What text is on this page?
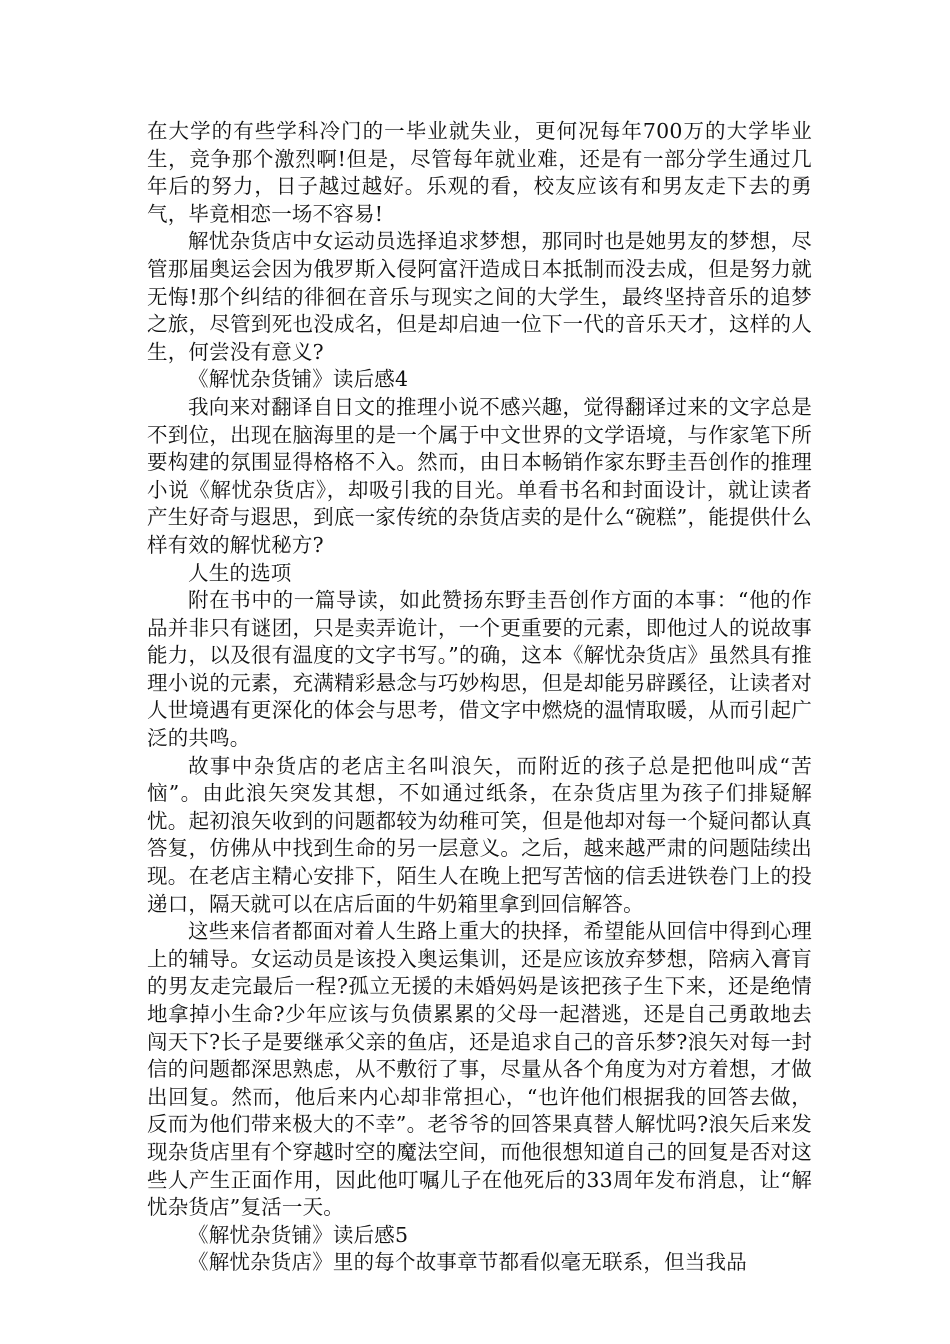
在大学的有些学科冷门的一毕业就失业，更何况每年700万的大学毕业生，竞争那个激烈啊!但是，尽管每年就业难，还是有一部分学生通过几年后的努力，日子越过越好。乐观的看，校友应该有和男友走下去的勇气，毕竟相恋一场不容易!

解忧杂货店中女运动员选择追求梦想，那同时也是她男友的梦想，尽管那届奥运会因为俄罗斯入侵阿富汗造成日本抵制而没去成，但是努力就无悔!那个纠结的徘徊在音乐与现实之间的大学生，最终坚持音乐的追梦之旅，尽管到死也没成名，但是却启迪一位下一代的音乐天才，这样的人生，何尝没有意义?

《解忧杂货铺》读后感4

我向来对翻译自日文的推理小说不感兴趣，觉得翻译过来的文字总是不到位，出现在脑海里的是一个属于中文世界的文学语境，与作家笔下所要构建的氛围显得格格不入。然而，由日本畅销作家东野圭吾创作的推理小说《解忧杂货店》，却吸引我的目光。单看书名和封面设计，就让读者产生好奇与遐思，到底一家传统的杂货店卖的是什么“碗糕”，能提供什么样有效的解忧秘方?

人生的选项

附在书中的一篇导读，如此赞扬东野圭吾创作方面的本事：“他的作品并非只有谜团，只是卖弄诡计，一个更重要的元素，即他过人的说故事能力，以及很有温度的文字书写。”的确，这本《解忧杂货店》虽然具有推理小说的元素，充满精彩悬念与巧妙构思，但是却能另辟蹊径，让读者对人世境遇有更深化的体会与思考，借文字中燃烧的温情取暖，从而引起广泛的共鸣。

故事中杂货店的老店主名叫浪矢，而附近的孩子总是把他叫成“苦恼”。由此浪矢突发其想，不如通过纸条，在杂货店里为孩子们排疑解忧。起初浪矢收到的问题都较为幼稚可笑，但是他却对每一个疑问都认真答复，仿佛从中找到生命的另一层意义。之后，越来越严肃的问题陆续出现。在老店主精心安排下，陌生人在晚上把写苦恼的信丢进铁卷门上的投递口，隔天就可以在店后面的牛奶箱里拿到回信解答。

这些来信者都面对着人生路上重大的抉择，希望能从回信中得到心理上的辅导。女运动员是该投入奥运集训，还是应该放弃梦想，陪病入膏肓的男友走完最后一程?孤立无援的未婚妈妈是该把孩子生下来，还是绝情地拿掉小生命?少年应该与负债累累的父母一起潜逃，还是自己勇敢地去闯天下?长子是要继承父亲的鱼店，还是追求自己的音乐梦?浪矢对每一封信的问题都深思熟虑，从不敷衍了事，尽量从各个角度为对方着想，才做出回复。然而，他后来内心却非常担心，“也许他们根据我的回答去做，反而为他们带来极大的不幸”。老爷爷的回答果真替人解忧吗?浪矢后来发现杂货店里有个穿越时空的魔法空间，而他很想知道自己的回复是否对这些人产生正面作用，因此他叮嘱儿子在他死后的33周年发布消息，让“解忧杂货店”复活一天。

《解忧杂货铺》读后感5

《解忧杂货店》里的每个故事章节都看似毫无联系，但当我品
